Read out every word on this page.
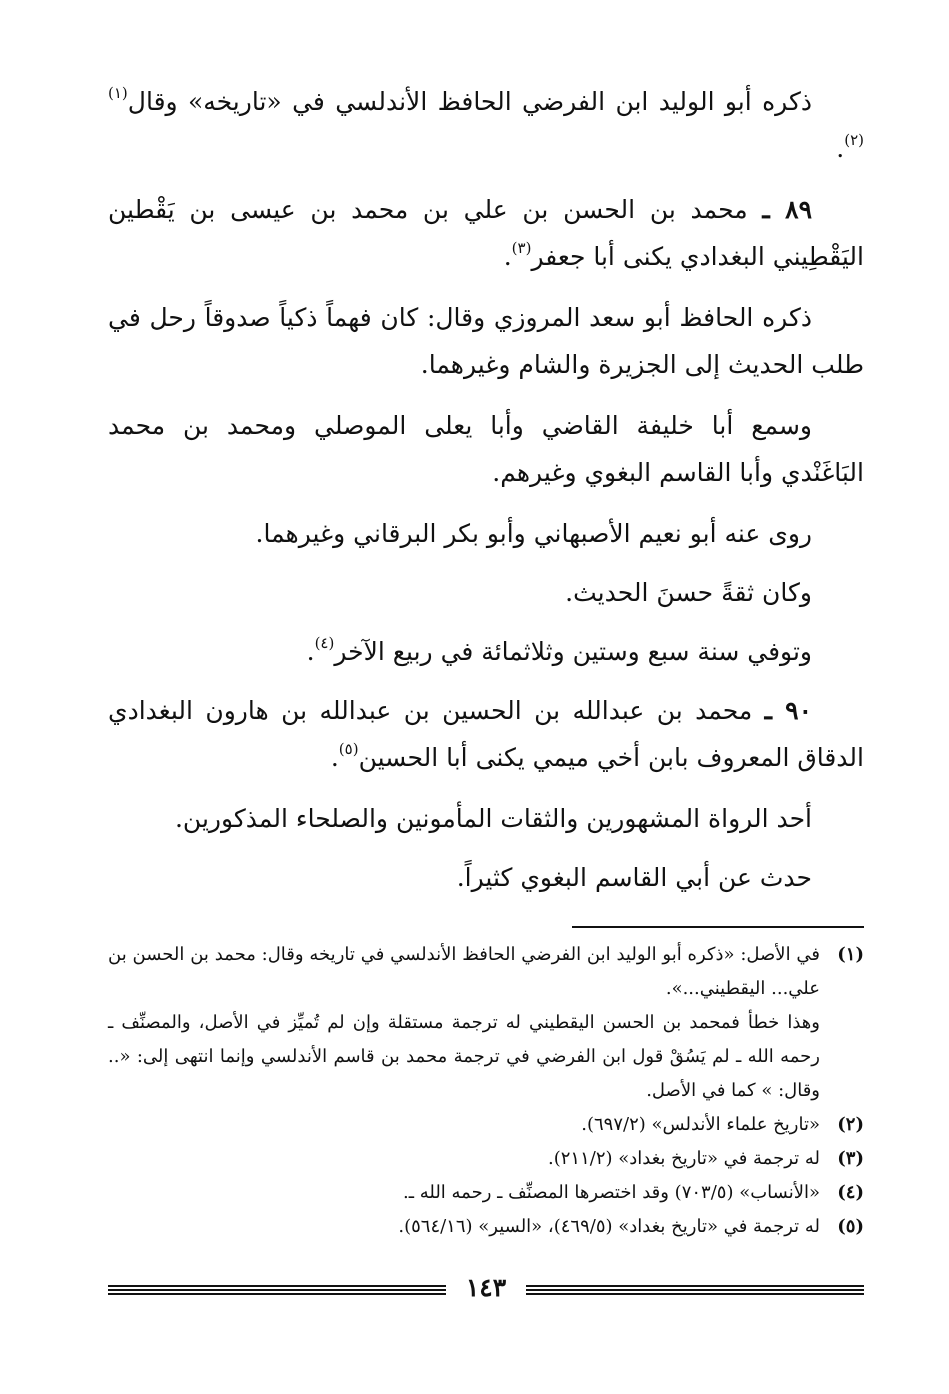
ذكره أبو الوليد ابن الفرضي الحافظ الأندلسي في «تاريخه» وقال$^{(١)(٢)}$.

٨٩ ـ محمد بن الحسن بن علي بن محمد بن عيسى بن يَقْطين اليَقْطِيني البغدادي يكنى أبا جعفر$^{(٣)}$.

ذكره الحافظ أبو سعد المروزي وقال: كان فهماً ذكياً صدوقاً رحل في طلب الحديث إلى الجزيرة والشام وغيرهما.

وسمع أبا خليفة القاضي وأبا يعلى الموصلي ومحمد بن محمد البَاغَنْدي وأبا القاسم البغوي وغيرهم.

روى عنه أبو نعيم الأصبهاني وأبو بكر البرقاني وغيرهما.

وكان ثقةً حسنَ الحديث.

وتوفي سنة سبع وستين وثلاثمائة في ربيع الآخر$^{(٤)}$.

٩٠ ـ محمد بن عبدالله بن الحسين بن عبدالله بن هارون البغدادي الدقاق المعروف بابن أخي ميمي يكنى أبا الحسين$^{(٥)}$.

أحد الرواة المشهورين والثقات المأمونين والصلحاء المذكورين.

حدث عن أبي القاسم البغوي كثيراً.

(١)

في الأصل: «ذكره أبو الوليد ابن الفرضي الحافظ الأندلسي في تاريخه وقال: محمد بن الحسن بن علي... اليقطيني...».

وهذا خطأ فمحمد بن الحسن اليقطيني له ترجمة مستقلة وإن لم تُميِّز في الأصل، والمصنِّف ـ رحمه الله ـ لم يَسُقْ قول ابن الفرضي في ترجمة محمد بن قاسم الأندلسي وإنما انتهى إلى: «.. وقال: » كما في الأصل.

(٢)

«تاريخ علماء الأندلس» (٦٩٧/٢).

(٣)

له ترجمة في «تاريخ بغداد» (٢١١/٢).

(٤)

«الأنساب» (٧٠٣/٥) وقد اختصرها المصنِّف ـ رحمه الله ـ.

(٥)

له ترجمة في «تاريخ بغداد» (٤٦٩/٥)، «السير» (٥٦٤/١٦).

١٤٣
